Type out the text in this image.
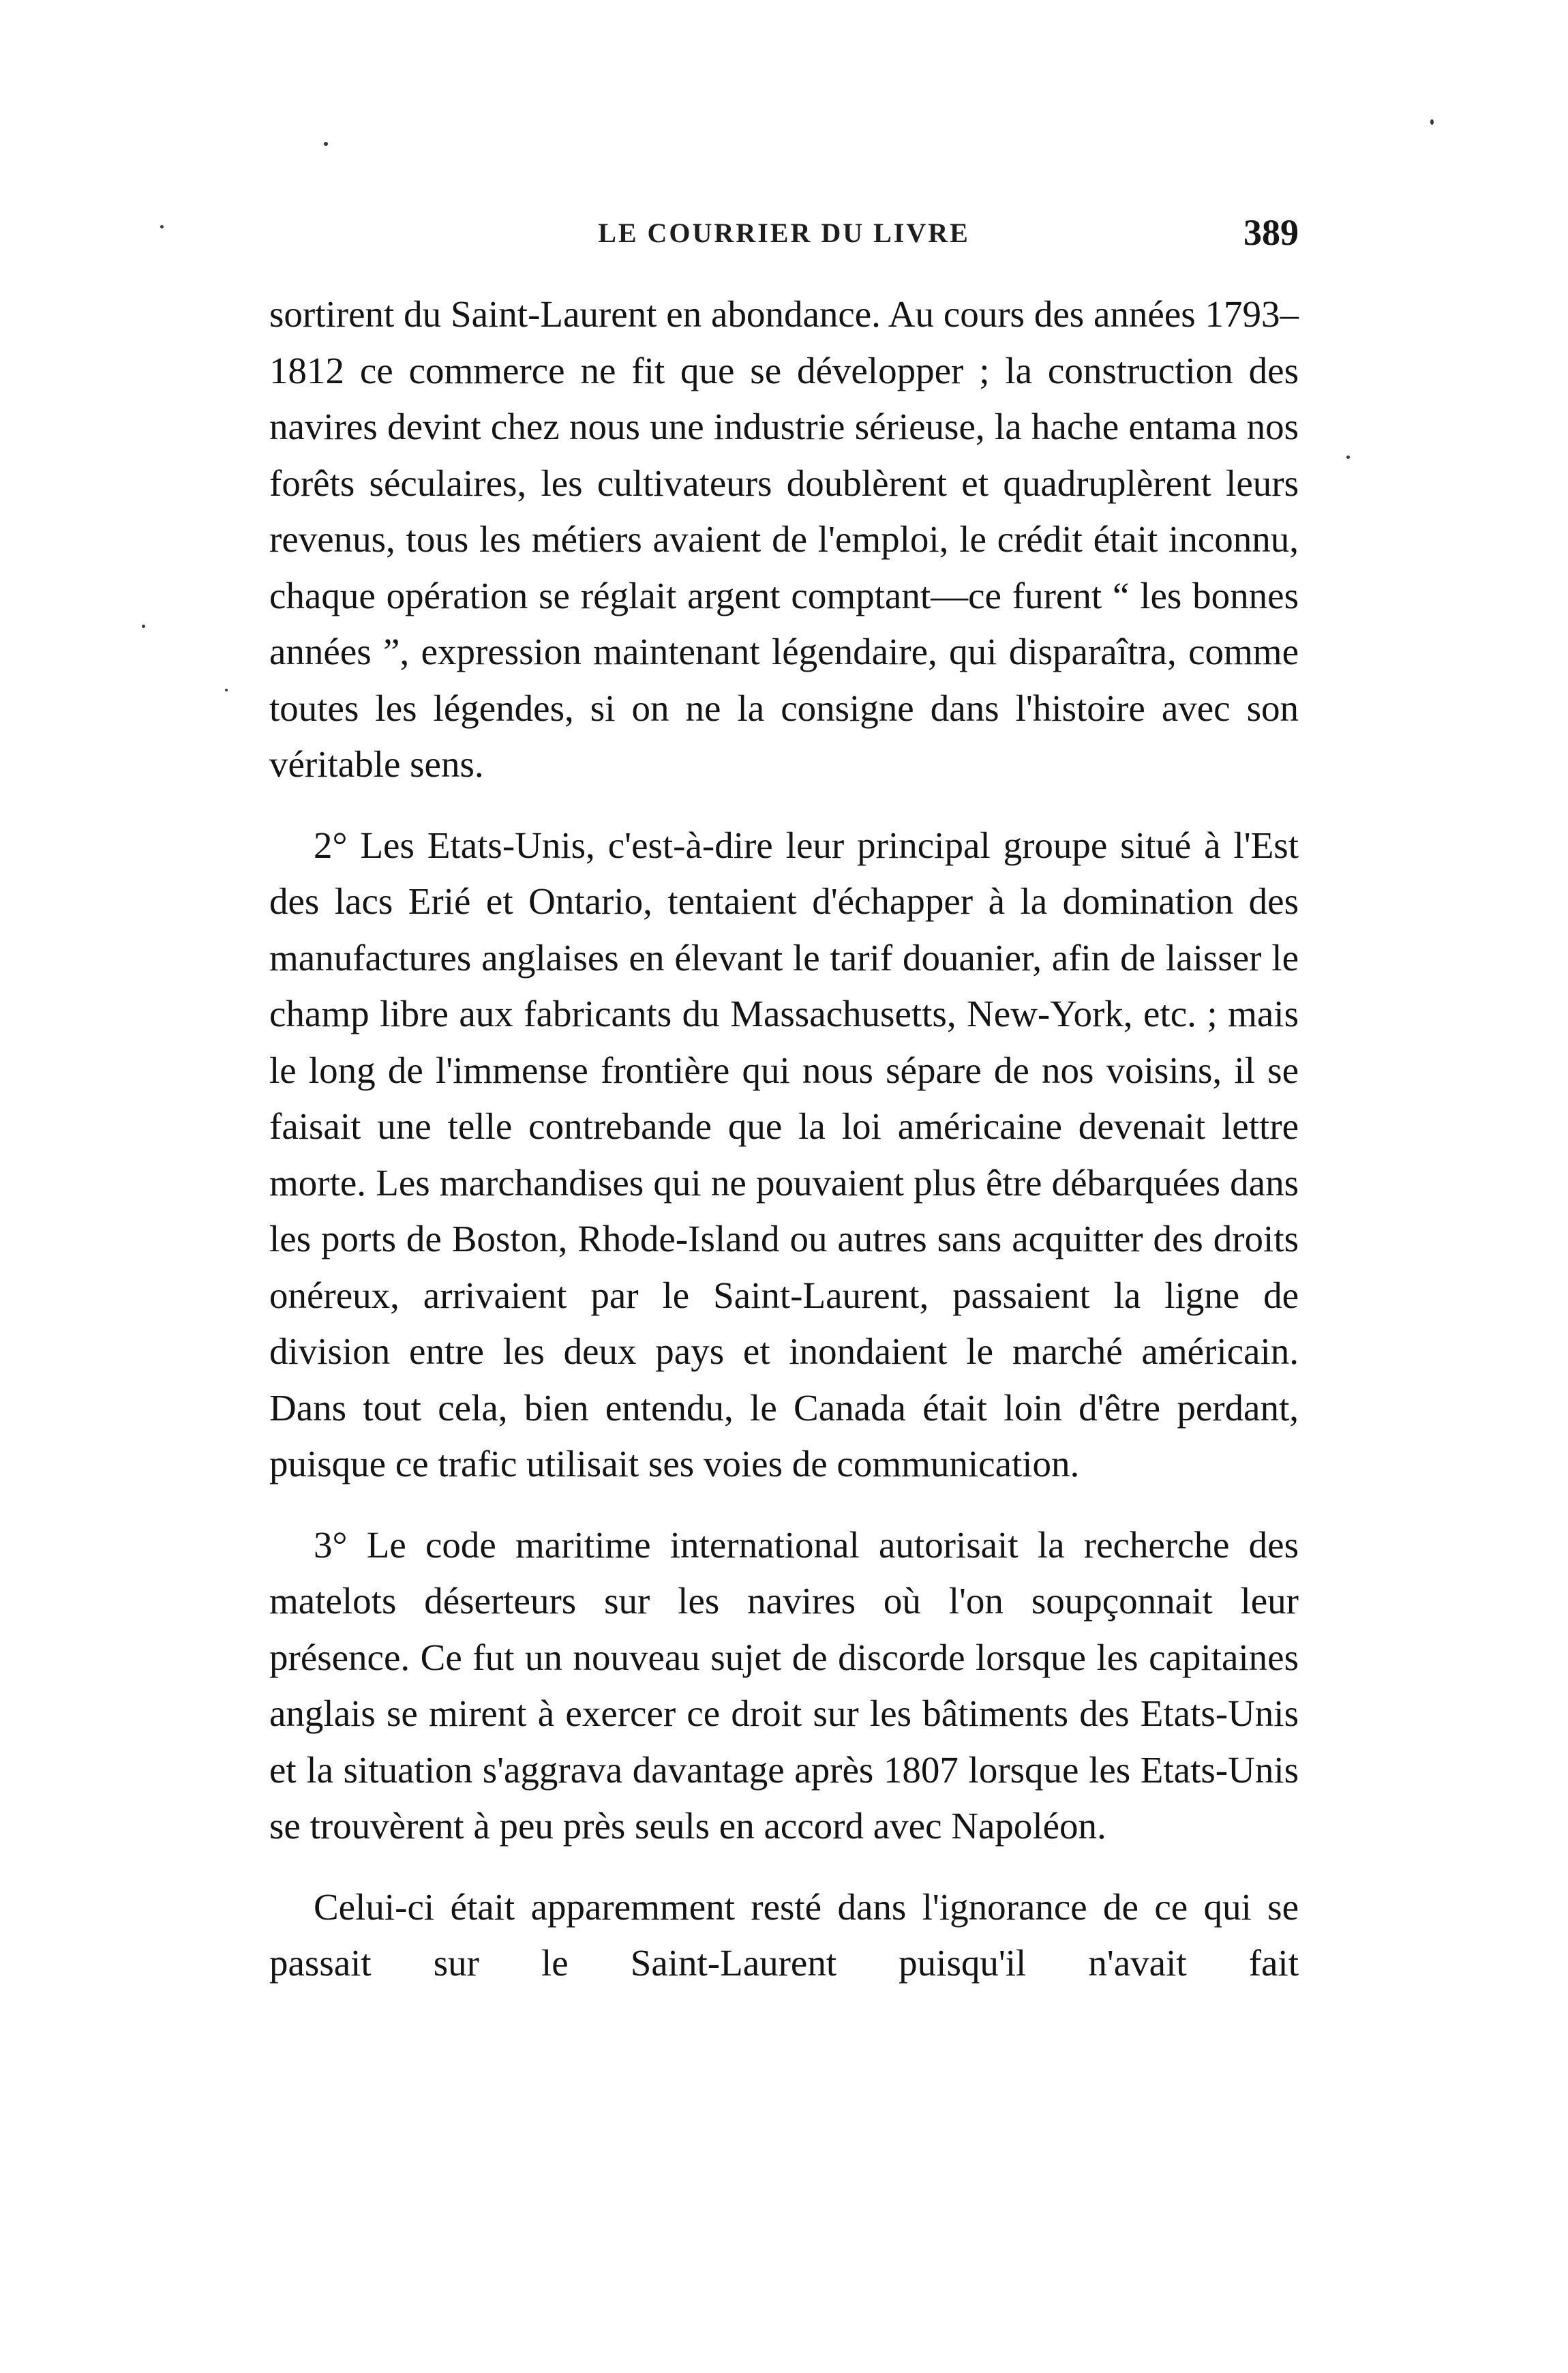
LE COURRIER DU LIVRE	389

sortirent du Saint-Laurent en abondance. Au cours des années 1793–1812 ce commerce ne fit que se développer ; la construction des navires devint chez nous une industrie sérieuse, la hache entama nos forêts séculaires, les cultivateurs doublèrent et quadruplèrent leurs revenus, tous les métiers avaient de l'emploi, le crédit était inconnu, chaque opération se réglait argent comptant—ce furent “ les bonnes années ”, expression maintenant légendaire, qui disparaîtra, comme toutes les légendes, si on ne la consigne dans l'histoire avec son véritable sens.

2° Les Etats-Unis, c'est-à-dire leur principal groupe situé à l'Est des lacs Erié et Ontario, tentaient d'échapper à la domination des manufactures anglaises en élevant le tarif douanier, afin de laisser le champ libre aux fabricants du Massachusetts, New-York, etc. ; mais le long de l'immense frontière qui nous sépare de nos voisins, il se faisait une telle contrebande que la loi américaine devenait lettre morte. Les marchandises qui ne pouvaient plus être débarquées dans les ports de Boston, Rhode-Island ou autres sans acquitter des droits onéreux, arrivaient par le Saint-Laurent, passaient la ligne de division entre les deux pays et inondaient le marché américain. Dans tout cela, bien entendu, le Canada était loin d'être perdant, puisque ce trafic utilisait ses voies de communication.

3° Le code maritime international autorisait la recherche des matelots déserteurs sur les navires où l'on soupçonnait leur présence. Ce fut un nouveau sujet de discorde lorsque les capitaines anglais se mirent à exercer ce droit sur les bâtiments des Etats-Unis et la situation s'aggrava davantage après 1807 lorsque les Etats-Unis se trouvèrent à peu près seuls en accord avec Napoléon.

Celui-ci était apparemment resté dans l'ignorance de ce qui se passait sur le Saint-Laurent puisqu'il n'avait fait
